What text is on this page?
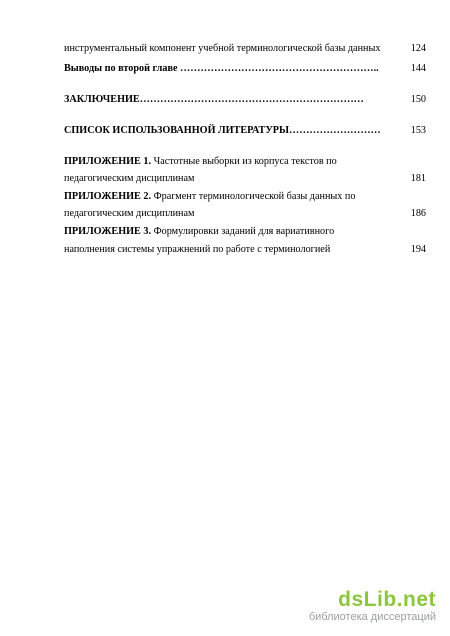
инструментальный компонент учебной терминологической базы данных	124
Выводы по второй главе …………………………………………………..	144
ЗАКЛЮЧЕНИЕ…………………………………………………………	150
СПИСОК ИСПОЛЬЗОВАННОЙ ЛИТЕРАТУРЫ………………………	153
ПРИЛОЖЕНИЕ 1. Частотные выборки из корпуса текстов по
педагогическим дисциплинам	181
ПРИЛОЖЕНИЕ 2. Фрагмент терминологической базы данных по
педагогическим дисциплинам	186
ПРИЛОЖЕНИЕ 3. Формулировки заданий для вариативного
наполнения системы упражнений по работе с терминологией	194
dsLib.net
библиотека диссертаций
